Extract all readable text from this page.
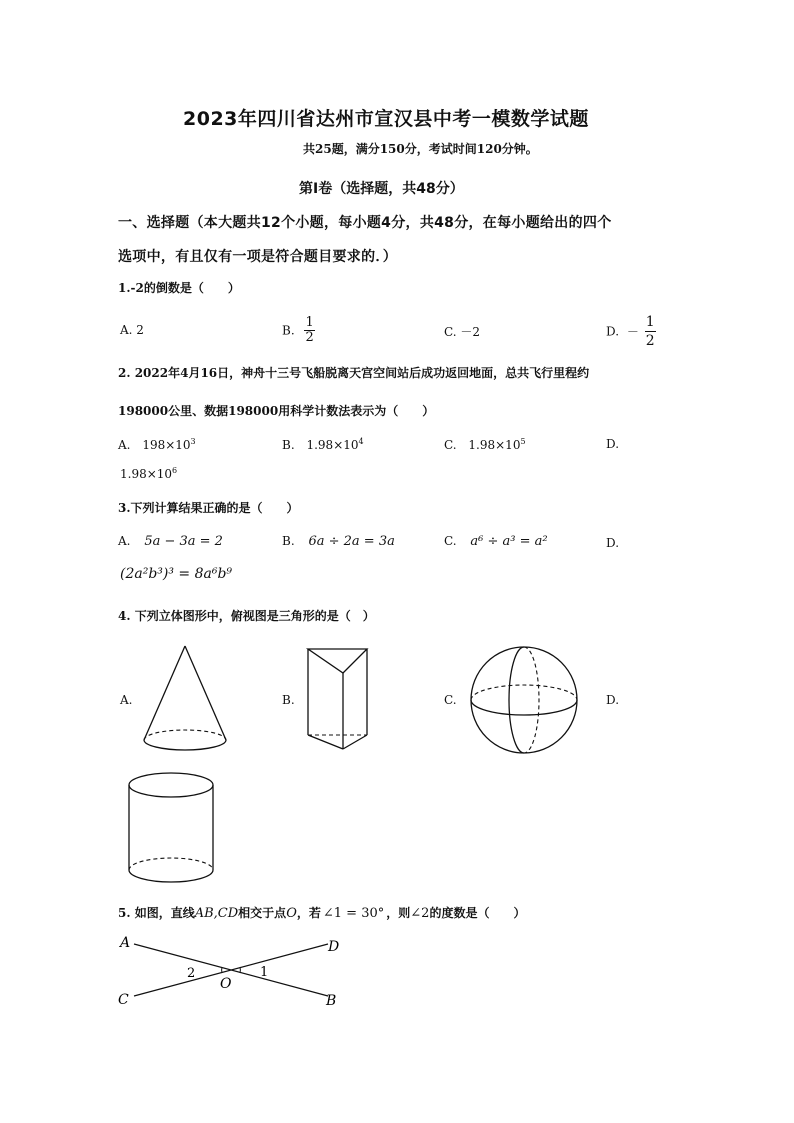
2023年四川省达州市宣汉县中考一模数学试题
共25题，满分150分，考试时间120分钟。
第Ⅰ卷（选择题，共48分）
一、选择题（本大题共12个小题，每小题4分，共48分，在每小题给出的四个
选项中，有且仅有一项是符合题目要求的．）
1.-2的倒数是（　　）
A. 2	B. $\frac{1}{2}$	C. －2	D. － $\frac{1}{2}$
2. 2022年4月16日，神舟十三号飞船脱离天宫空间站后成功返回地面，总共飞行里程约
198000公里、数据198000用科学计数法表示为（　　）
A. $198\times 10^3$	B. $1.98\times 10^4$	C. $1.98\times 10^5$	D.
$1.98\times 10^6$
3.下列计算结果正确的是（　　）
A. 5a − 3a = 2	B. 6a ÷ 2a = 3a	C. a⁶ ÷ a³ = a²	D.
(2a²b³)³ = 8a⁶b⁹
4. 下列立体图形中，俯视图是三角形的是（　）
A.	B.	C.	D.
5. 如图，直线AB,CD相交于点O，若 ∠1 = 30° ，则∠2的度数是（　　）
A	D
C	B
O
2	1
